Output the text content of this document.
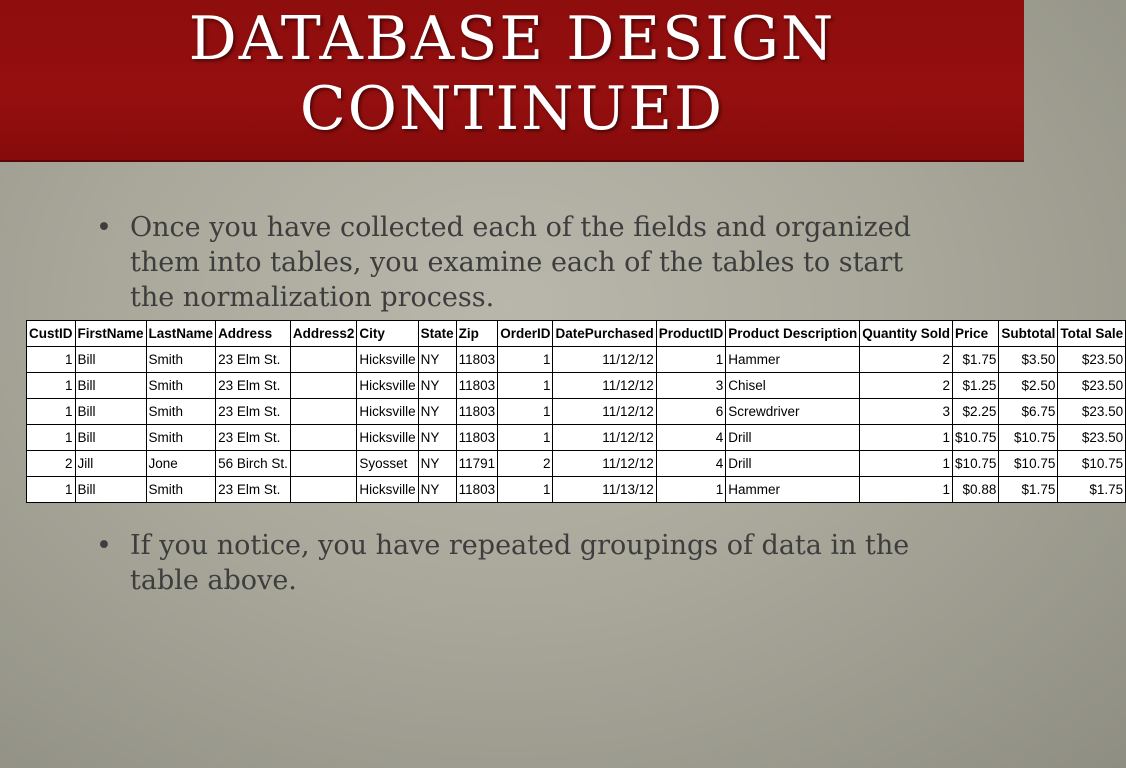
DATABASE DESIGN
CONTINUED
• Once you have collected each of the fields and organized them into tables, you examine each of the tables to start the normalization process.
CustID	FirstName	LastName	Address	Address2	City	State	Zip	OrderID	DatePurchased	ProductID	Product Description	Quantity Sold	Price	Subtotal	Total Sale
1	Bill	Smith	23 Elm St.		Hicksville	NY	11803	1	11/12/12	1	Hammer	2	$1.75	$3.50	$23.50
1	Bill	Smith	23 Elm St.		Hicksville	NY	11803	1	11/12/12	3	Chisel	2	$1.25	$2.50	$23.50
1	Bill	Smith	23 Elm St.		Hicksville	NY	11803	1	11/12/12	6	Screwdriver	3	$2.25	$6.75	$23.50
1	Bill	Smith	23 Elm St.		Hicksville	NY	11803	1	11/12/12	4	Drill	1	$10.75	$10.75	$23.50
2	Jill	Jone	56 Birch St.		Syosset	NY	11791	2	11/12/12	4	Drill	1	$10.75	$10.75	$10.75
1	Bill	Smith	23 Elm St.		Hicksville	NY	11803	1	11/13/12	1	Hammer	1	$0.88	$1.75	$1.75
• If you notice, you have repeated groupings of data in the table above.
